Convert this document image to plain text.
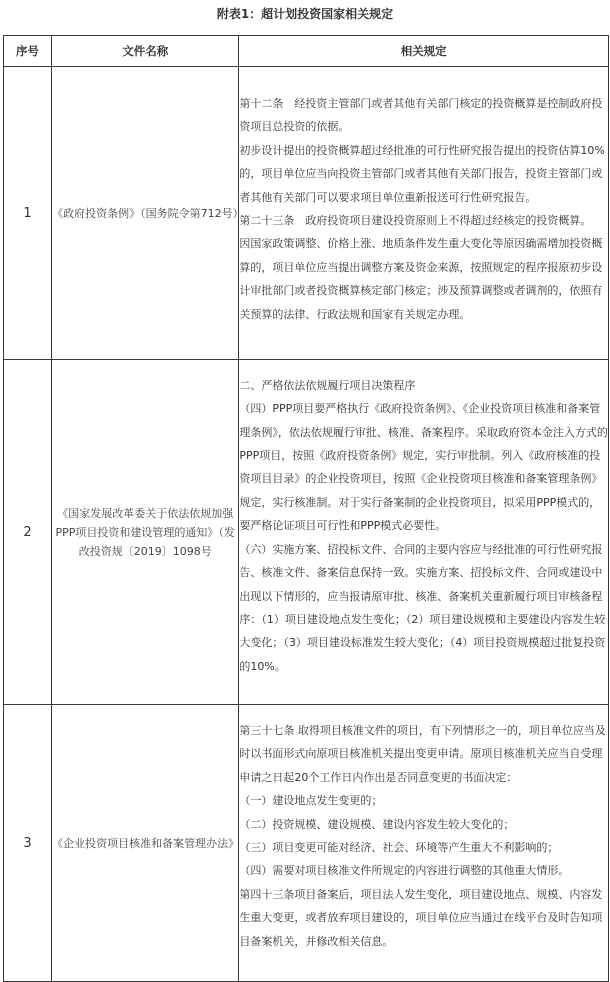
附表1：超计划投资国家相关规定
序号	文件名称	相关规定
1	《政府投资条例》（国务院令第712号）	第十二条　经投资主管部门或者其他有关部门核定的投资概算是控制政府投资项目总投资的依据。

初步设计提出的投资概算超过经批准的可行性研究报告提出的投资估算10%的，项目单位应当向投资主管部门或者其他有关部门报告，投资主管部门或者其他有关部门可以要求项目单位重新报送可行性研究报告。

第二十三条　政府投资项目建设投资原则上不得超过经核定的投资概算。

因国家政策调整、价格上涨、地质条件发生重大变化等原因确需增加投资概算的，项目单位应当提出调整方案及资金来源，按照规定的程序报原初步设计审批部门或者投资概算核定部门核定；涉及预算调整或者调剂的，依照有关预算的法律、行政法规和国家有关规定办理。

2	《国家发展改革委关于依法依规加强PPP项目投资和建设管理的通知》（发改投资规〔2019〕1098号	二、严格依法依规履行项目决策程序

（四）PPP项目要严格执行《政府投资条例》、《企业投资项目核准和备案管理条例》，依法依规履行审批、核准、备案程序。采取政府资本金注入方式的PPP项目，按照《政府投资条例》规定，实行审批制。列入《政府核准的投资项目目录》的企业投资项目，按照《企业投资项目核准和备案管理条例》规定，实行核准制。对于实行备案制的企业投资项目，拟采用PPP模式的，要严格论证项目可行性和PPP模式必要性。

（六）实施方案、招投标文件、合同的主要内容应与经批准的可行性研究报告、核准文件、备案信息保持一致。实施方案、招投标文件、合同或建设中出现以下情形的，应当报请原审批、核准、备案机关重新履行项目审核备程序：（1）项目建设地点发生变化；（2）项目建设规模和主要建设内容发生较大变化；（3）项目建设标准发生较大变化；（4）项目投资规模超过批复投资的10%。

3	《企业投资项目核准和备案管理办法》	

第三十七条 取得项目核准文件的项目，有下列情形之一的，项目单位应当及时以书面形式向原项目核准机关提出变更申请。原项目核准机关应当自受理申请之日起20个工作日内作出是否同意变更的书面决定：

（一）建设地点发生变更的；

（二）投资规模、建设规模、建设内容发生较大变化的；

（三）项目变更可能对经济、社会、环境等产生重大不利影响的；

（四）需要对项目核准文件所规定的内容进行调整的其他重大情形。

第四十三条项目备案后，项目法人发生变化，项目建设地点、规模、内容发生重大变更，或者放弃项目建设的，项目单位应当通过在线平台及时告知项目备案机关，并修改相关信息。
